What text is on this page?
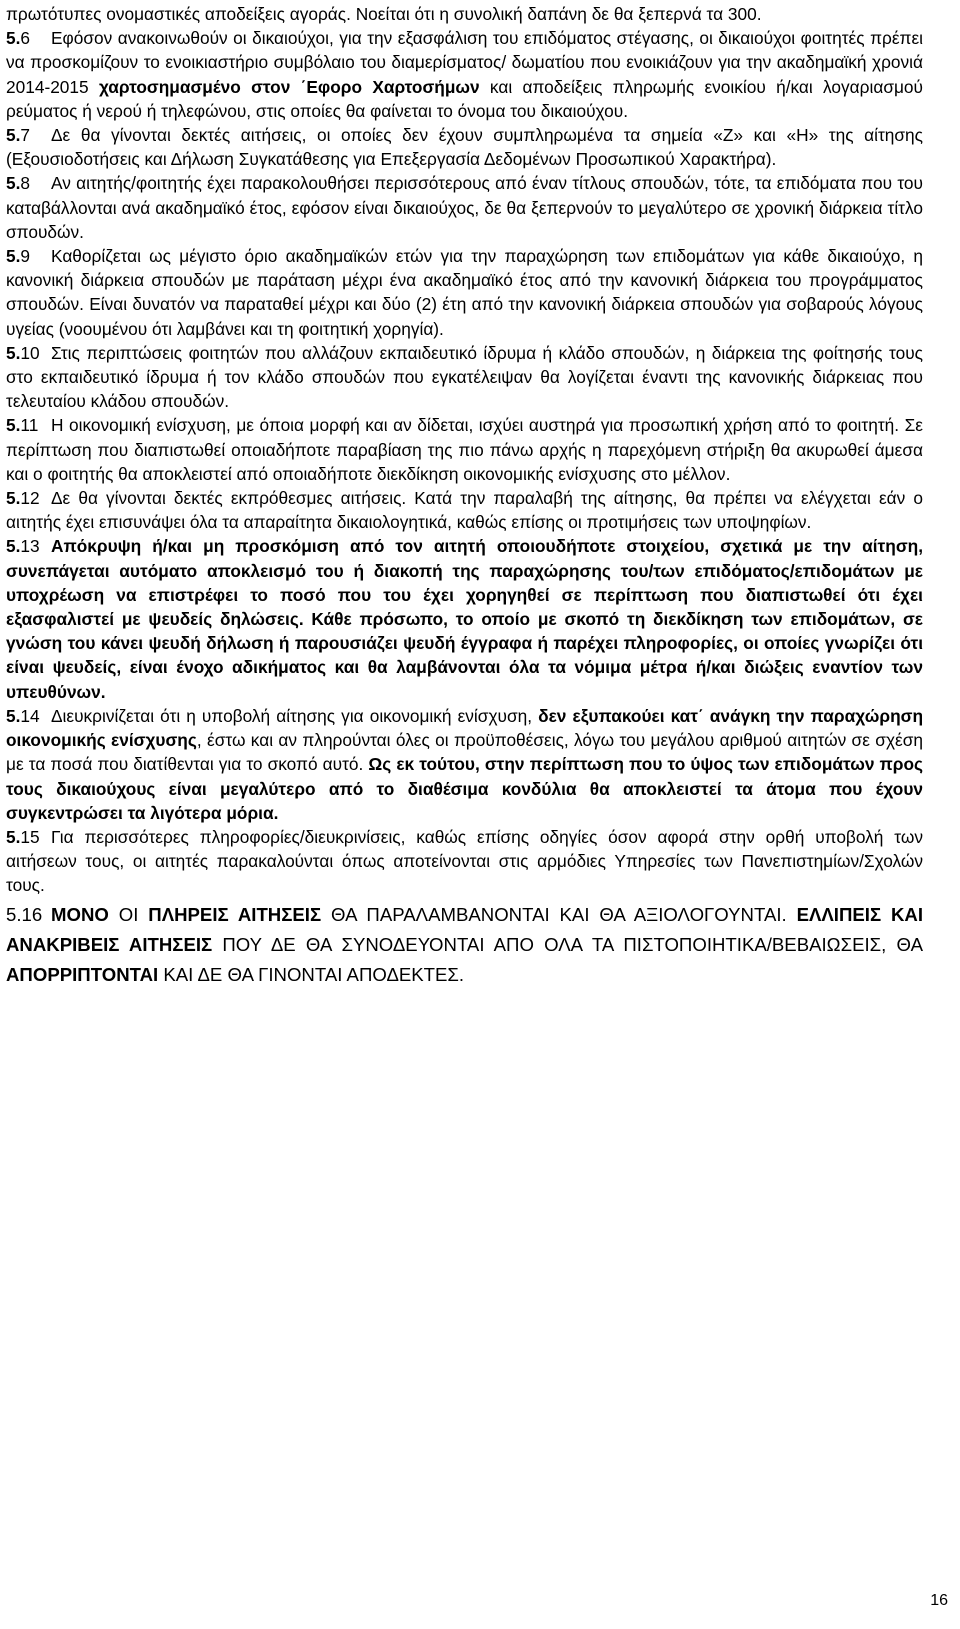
πρωτότυπες ονομαστικές αποδείξεις αγοράς. Νοείται ότι η συνολική δαπάνη δε θα ξεπερνά τα 300.

5.6 Εφόσον ανακοινωθούν οι δικαιούχοι, για την εξασφάλιση του επιδόματος στέγασης, οι δικαιούχοι φοιτητές πρέπει να προσκομίζουν το ενοικιαστήριο συμβόλαιο του διαμερίσματος/ δωματίου που ενοικιάζουν για την ακαδημαϊκή χρονιά 2014-2015 χαρτοσημασμένο στον ΄Εφορο Χαρτοσήμων και αποδείξεις πληρωμής ενοικίου ή/και λογαριασμού ρεύματος ή νερού ή τηλεφώνου, στις οποίες θα φαίνεται το όνομα του δικαιούχου.

5.7 Δε θα γίνονται δεκτές αιτήσεις, οι οποίες δεν έχουν συμπληρωμένα τα σημεία «Ζ» και «Η» της αίτησης (Εξουσιοδοτήσεις και Δήλωση Συγκατάθεσης για Επεξεργασία Δεδομένων Προσωπικού Χαρακτήρα).

5.8 Αν αιτητής/φοιτητής έχει παρακολουθήσει περισσότερους από έναν τίτλους σπουδών, τότε, τα επιδόματα που του καταβάλλονται ανά ακαδημαϊκό έτος, εφόσον είναι δικαιούχος, δε θα ξεπερνούν το μεγαλύτερο σε χρονική διάρκεια τίτλο σπουδών.

5.9 Καθορίζεται ως μέγιστο όριο ακαδημαϊκών ετών για την παραχώρηση των επιδομάτων για κάθε δικαιούχο, η κανονική διάρκεια σπουδών με παράταση μέχρι ένα ακαδημαϊκό έτος από την κανονική διάρκεια του προγράμματος σπουδών. Είναι δυνατόν να παραταθεί μέχρι και δύο (2) έτη από την κανονική διάρκεια σπουδών για σοβαρούς λόγους υγείας (νοουμένου ότι λαμβάνει και τη φοιτητική χορηγία).

5.10 Στις περιπτώσεις φοιτητών που αλλάζουν εκπαιδευτικό ίδρυμα ή κλάδο σπουδών, η διάρκεια της φοίτησής τους στο εκπαιδευτικό ίδρυμα ή τον κλάδο σπουδών που εγκατέλειψαν θα λογίζεται έναντι της κανονικής διάρκειας που τελευταίου κλάδου σπουδών.

5.11 Η οικονομική ενίσχυση, με όποια μορφή και αν δίδεται, ισχύει αυστηρά για προσωπική χρήση από το φοιτητή. Σε περίπτωση που διαπιστωθεί οποιαδήποτε παραβίαση της πιο πάνω αρχής η παρεχόμενη στήριξη θα ακυρωθεί άμεσα και ο φοιτητής θα αποκλειστεί από οποιαδήποτε διεκδίκηση οικονομικής ενίσχυσης στο μέλλον.

5.12 Δε θα γίνονται δεκτές εκπρόθεσμες αιτήσεις. Κατά την παραλαβή της αίτησης, θα πρέπει να ελέγχεται εάν ο αιτητής έχει επισυνάψει όλα τα απαραίτητα δικαιολογητικά, καθώς επίσης οι προτιμήσεις των υποψηφίων.

5.13 Απόκρυψη ή/και μη προσκόμιση από τον αιτητή οποιουδήποτε στοιχείου, σχετικά με την αίτηση, συνεπάγεται αυτόματο αποκλεισμό του ή διακοπή της παραχώρησης του/των επιδόματος/επιδομάτων με υποχρέωση να επιστρέφει το ποσό που του έχει χορηγηθεί σε περίπτωση που διαπιστωθεί ότι έχει εξασφαλιστεί με ψευδείς δηλώσεις. Κάθε πρόσωπο, το οποίο με σκοπό τη διεκδίκηση των επιδομάτων, σε γνώση του κάνει ψευδή δήλωση ή παρουσιάζει ψευδή έγγραφα ή παρέχει πληροφορίες, οι οποίες γνωρίζει ότι είναι ψευδείς, είναι ένοχο αδικήματος και θα λαμβάνονται όλα τα νόμιμα μέτρα ή/και διώξεις εναντίον των υπευθύνων.

5.14 Διευκρινίζεται ότι η υποβολή αίτησης για οικονομική ενίσχυση, δεν εξυπακούει κατ΄ ανάγκη την παραχώρηση οικονομικής ενίσχυσης, έστω και αν πληρούνται όλες οι προϋποθέσεις, λόγω του μεγάλου αριθμού αιτητών σε σχέση με τα ποσά που διατίθενται για το σκοπό αυτό. Ως εκ τούτου, στην περίπτωση που το ύψος των επιδομάτων προς τους δικαιούχους είναι μεγαλύτερο από το διαθέσιμα κονδύλια θα αποκλειστεί τα άτομα που έχουν συγκεντρώσει τα λιγότερα μόρια.

5.15 Για περισσότερες πληροφορίες/διευκρινίσεις, καθώς επίσης οδηγίες όσον αφορά στην ορθή υποβολή των αιτήσεων τους, οι αιτητές παρακαλούνται όπως αποτείνονται στις αρμόδιες Υπηρεσίες των Πανεπιστημίων/Σχολών τους.

5.16 ΜΟΝΟ ΟΙ ΠΛΗΡΕΙΣ ΑΙΤΗΣΕΙΣ ΘΑ ΠΑΡΑΛΑΜΒΑΝΟΝΤΑΙ ΚΑΙ ΘΑ ΑΞΙΟΛΟΓΟΥΝΤΑΙ. ΕΛΛΙΠΕΙΣ ΚΑΙ ΑΝΑΚΡΙΒΕΙΣ ΑΙΤΗΣΕΙΣ ΠΟΥ ΔΕ ΘΑ ΣΥΝΟΔΕΥΟΝΤΑΙ ΑΠΟ ΟΛΑ ΤΑ ΠΙΣΤΟΠΟΙΗΤΙΚΑ/ΒΕΒΑΙΩΣΕΙΣ, ΘΑ ΑΠΟΡΡΙΠΤΟΝΤΑΙ ΚΑΙ ΔΕ ΘΑ ΓΙΝΟΝΤΑΙ ΑΠΟΔΕΚΤΕΣ.

16
